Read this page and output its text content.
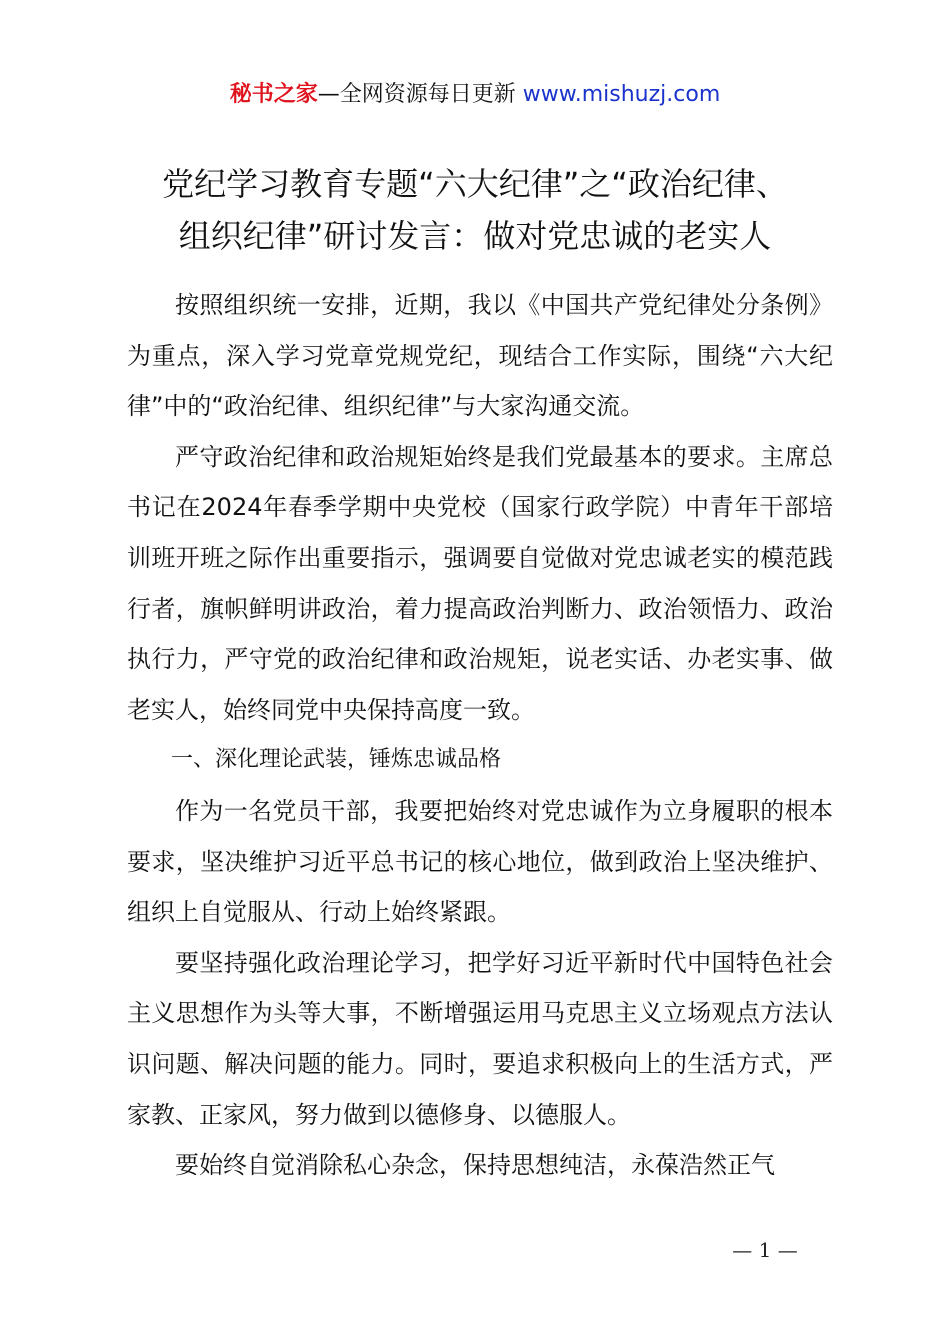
秘书之家—全网资源每日更新 www.mishuzj.com
党纪学习教育专题“六大纪律”之“政治纪律、
组织纪律”研讨发言：做对党忠诚的老实人

按照组织统一安排，近期，我以《中国共产党纪律处分条例》为重点，深入学习党章党规党纪，现结合工作实际，围绕“六大纪律”中的“政治纪律、组织纪律”与大家沟通交流。

严守政治纪律和政治规矩始终是我们党最基本的要求。主席总书记在2024年春季学期中央党校（国家行政学院）中青年干部培训班开班之际作出重要指示，强调要自觉做对党忠诚老实的模范践行者，旗帜鲜明讲政治，着力提高政治判断力、政治领悟力、政治执行力，严守党的政治纪律和政治规矩，说老实话、办老实事、做老实人，始终同党中央保持高度一致。

一、深化理论武装，锤炼忠诚品格

作为一名党员干部，我要把始终对党忠诚作为立身履职的根本要求，坚决维护习近平总书记的核心地位，做到政治上坚决维护、组织上自觉服从、行动上始终紧跟。

要坚持强化政治理论学习，把学好习近平新时代中国特色社会主义思想作为头等大事，不断增强运用马克思主义立场观点方法认识问题、解决问题的能力。同时，要追求积极向上的生活方式，严家教、正家风，努力做到以德修身、以德服人。

要始终自觉消除私心杂念，保持思想纯洁，永葆浩然正气

— 1 —
